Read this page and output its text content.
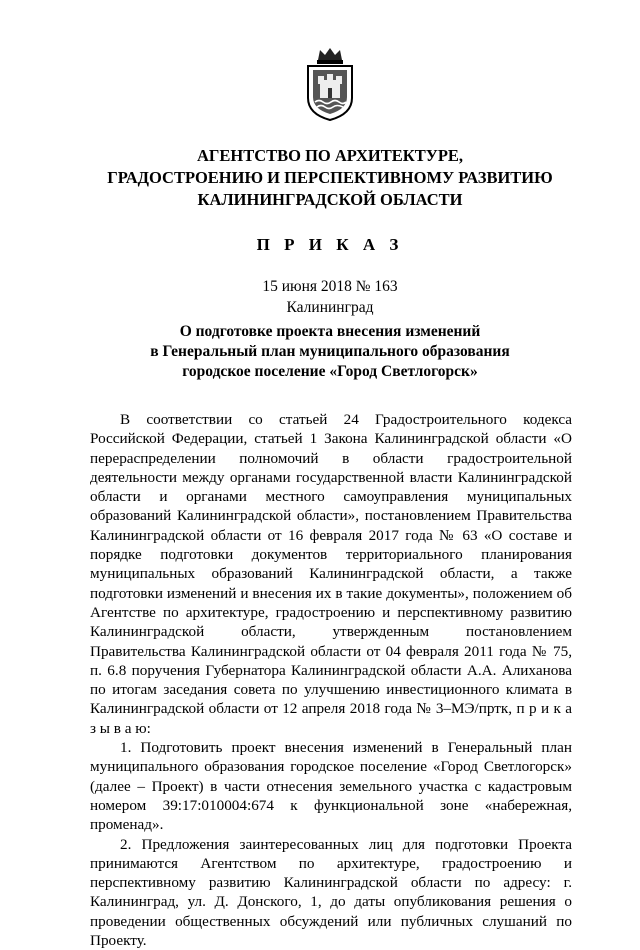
АГЕНТСТВО ПО АРХИТЕКТУРЕ,
ГРАДОСТРОЕНИЮ И ПЕРСПЕКТИВНОМУ РАЗВИТИЮ
КАЛИНИНГРАДСКОЙ ОБЛАСТИ
П Р И К А З
15 июня 2018 № 163
Калининград
О подготовке проекта внесения изменений
в Генеральный план муниципального образования
городское поселение «Город Светлогорск»

В соответствии со статьей 24 Градостроительного кодекса Российской Федерации, статьей 1 Закона Калининградской области «О перераспределении полномочий в области градостроительной деятельности между органами государственной власти Калининградской области и органами местного самоуправления муниципальных образований Калининградской области», постановлением Правительства Калининградской области от 16 февраля 2017 года № 63 «О составе и порядке подготовки документов территориального планирования муниципальных образований Калининградской области, а также подготовки изменений и внесения их в такие документы», положением об Агентстве по архитектуре, градостроению и перспективному развитию Калининградской области, утвержденным постановлением Правительства Калининградской области от 04 февраля 2011 года № 75, п. 6.8 поручения Губернатора Калининградской области А.А. Алиханова по итогам заседания совета по улучшению инвестиционного климата в Калининградской области от 12 апреля 2018 года № 3–МЭ/пртк, п р и к а з ы в а ю:

1. Подготовить проект внесения изменений в Генеральный план муниципального образования городское поселение «Город Светлогорск» (далее – Проект) в части отнесения земельного участка с кадастровым номером 39:17:010004:674 к функциональной зоне «набережная, променад».

2. Предложения заинтересованных лиц для подготовки Проекта принимаются Агентством по архитектуре, градостроению и перспективному развитию Калининградской области по адресу: г. Калининград, ул. Д. Донского, 1, до даты опубликования решения о проведении общественных обсуждений или публичных слушаний по Проекту.
